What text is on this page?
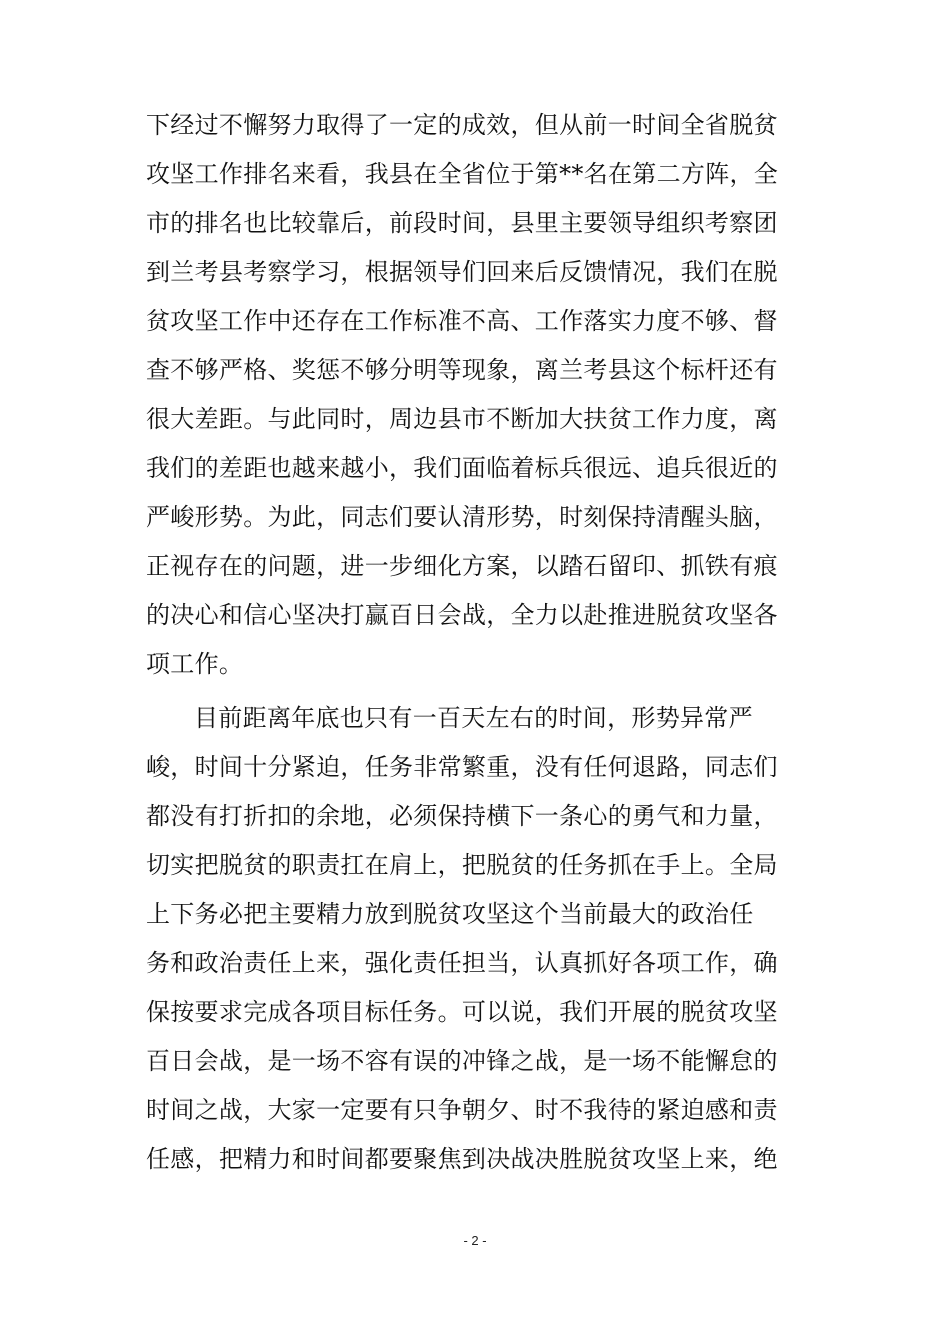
下经过不懈努力取得了一定的成效，但从前一时间全省脱贫
攻坚工作排名来看，我县在全省位于第**名在第二方阵，全
市的排名也比较靠后，前段时间，县里主要领导组织考察团
到兰考县考察学习，根据领导们回来后反馈情况，我们在脱
贫攻坚工作中还存在工作标准不高、工作落实力度不够、督
查不够严格、奖惩不够分明等现象，离兰考县这个标杆还有
很大差距。与此同时，周边县市不断加大扶贫工作力度，离
我们的差距也越来越小，我们面临着标兵很远、追兵很近的
严峻形势。为此，同志们要认清形势，时刻保持清醒头脑，
正视存在的问题，进一步细化方案，以踏石留印、抓铁有痕
的决心和信心坚决打赢百日会战，全力以赴推进脱贫攻坚各
项工作。
目前距离年底也只有一百天左右的时间，形势异常严
峻，时间十分紧迫，任务非常繁重，没有任何退路，同志们
都没有打折扣的余地，必须保持横下一条心的勇气和力量，
切实把脱贫的职责扛在肩上，把脱贫的任务抓在手上。全局
上下务必把主要精力放到脱贫攻坚这个当前最大的政治任
务和政治责任上来，强化责任担当，认真抓好各项工作，确
保按要求完成各项目标任务。可以说，我们开展的脱贫攻坚
百日会战，是一场不容有误的冲锋之战，是一场不能懈怠的
时间之战，大家一定要有只争朝夕、时不我待的紧迫感和责
任感，把精力和时间都要聚焦到决战决胜脱贫攻坚上来，绝
- 2 -
